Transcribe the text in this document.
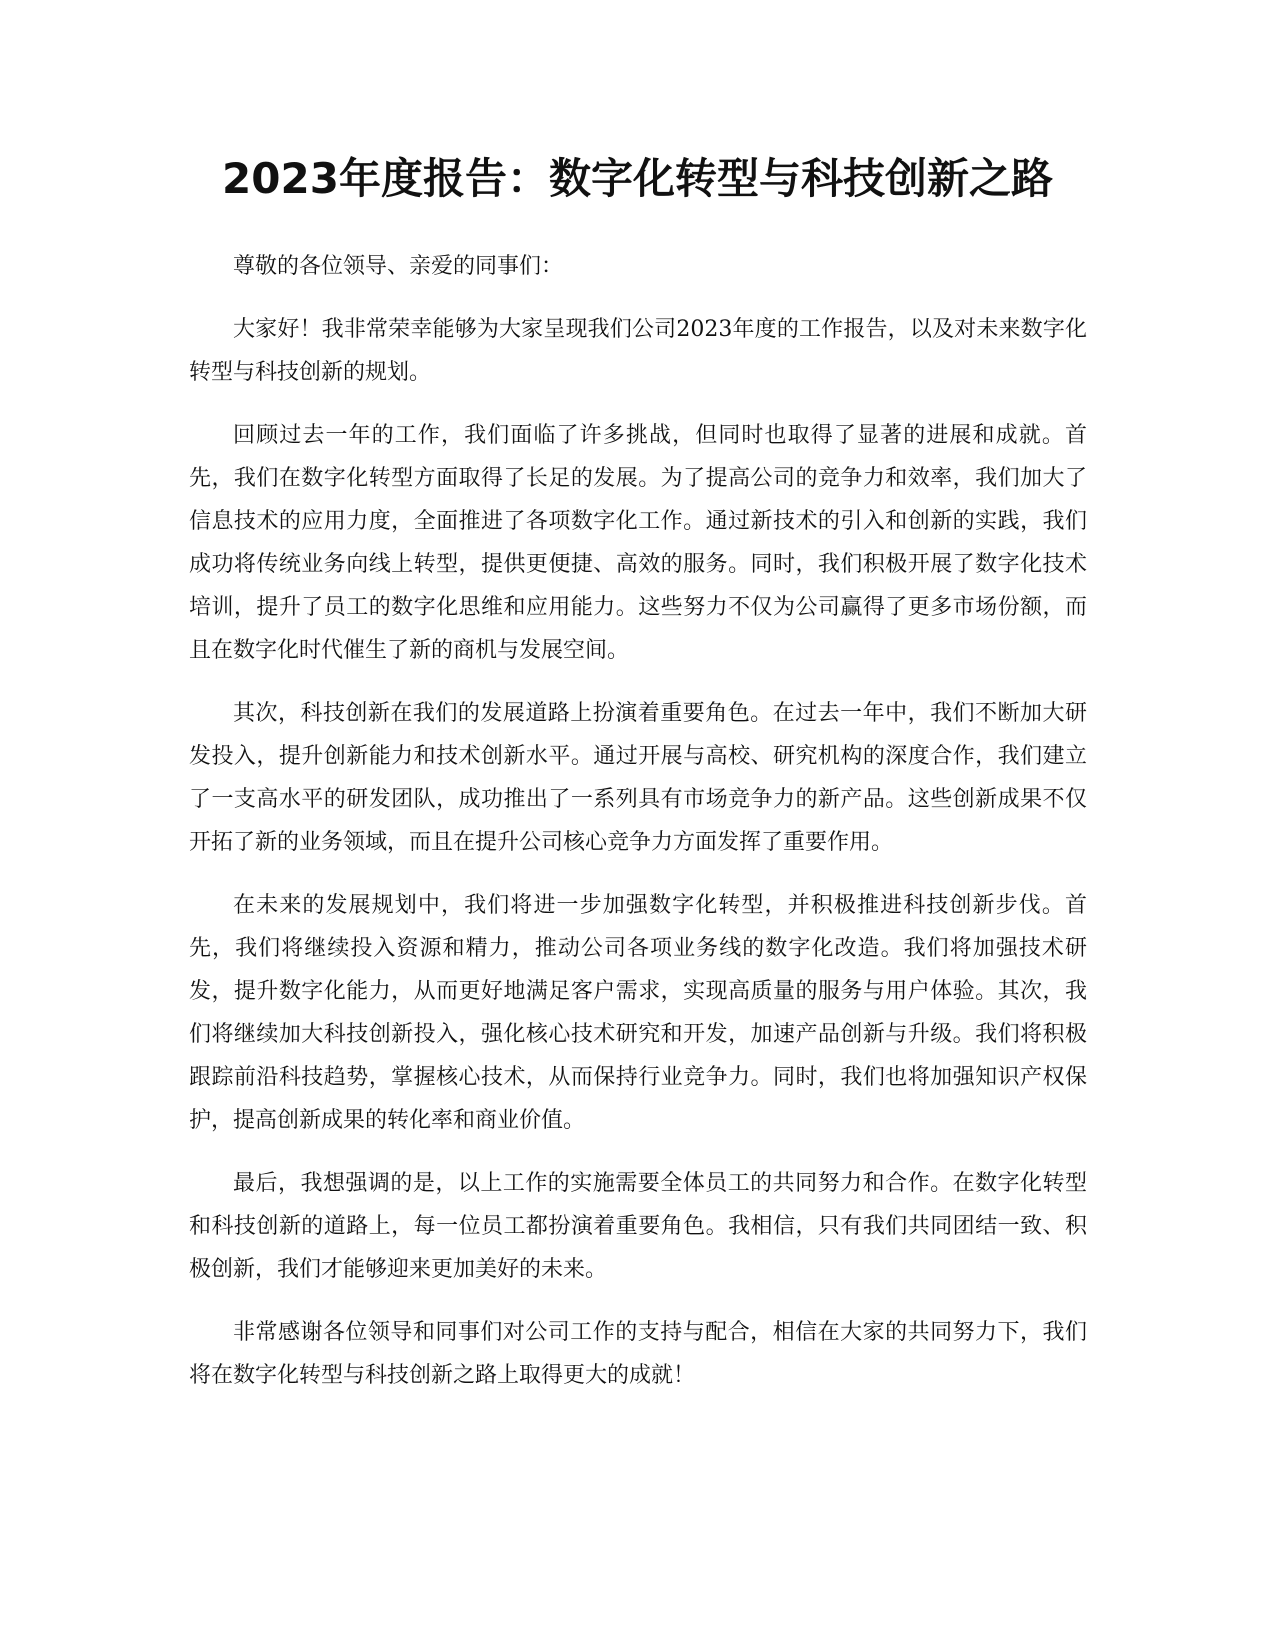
2023年度报告：数字化转型与科技创新之路

尊敬的各位领导、亲爱的同事们：

大家好！我非常荣幸能够为大家呈现我们公司2023年度的工作报告，以及对未来数字化转型与科技创新的规划。

回顾过去一年的工作，我们面临了许多挑战，但同时也取得了显著的进展和成就。首先，我们在数字化转型方面取得了长足的发展。为了提高公司的竞争力和效率，我们加大了信息技术的应用力度，全面推进了各项数字化工作。通过新技术的引入和创新的实践，我们成功将传统业务向线上转型，提供更便捷、高效的服务。同时，我们积极开展了数字化技术培训，提升了员工的数字化思维和应用能力。这些努力不仅为公司赢得了更多市场份额，而且在数字化时代催生了新的商机与发展空间。

其次，科技创新在我们的发展道路上扮演着重要角色。在过去一年中，我们不断加大研发投入，提升创新能力和技术创新水平。通过开展与高校、研究机构的深度合作，我们建立了一支高水平的研发团队，成功推出了一系列具有市场竞争力的新产品。这些创新成果不仅开拓了新的业务领域，而且在提升公司核心竞争力方面发挥了重要作用。

在未来的发展规划中，我们将进一步加强数字化转型，并积极推进科技创新步伐。首先，我们将继续投入资源和精力，推动公司各项业务线的数字化改造。我们将加强技术研发，提升数字化能力，从而更好地满足客户需求，实现高质量的服务与用户体验。其次，我们将继续加大科技创新投入，强化核心技术研究和开发，加速产品创新与升级。我们将积极跟踪前沿科技趋势，掌握核心技术，从而保持行业竞争力。同时，我们也将加强知识产权保护，提高创新成果的转化率和商业价值。

最后，我想强调的是，以上工作的实施需要全体员工的共同努力和合作。在数字化转型和科技创新的道路上，每一位员工都扮演着重要角色。我相信，只有我们共同团结一致、积极创新，我们才能够迎来更加美好的未来。

非常感谢各位领导和同事们对公司工作的支持与配合，相信在大家的共同努力下，我们将在数字化转型与科技创新之路上取得更大的成就！
